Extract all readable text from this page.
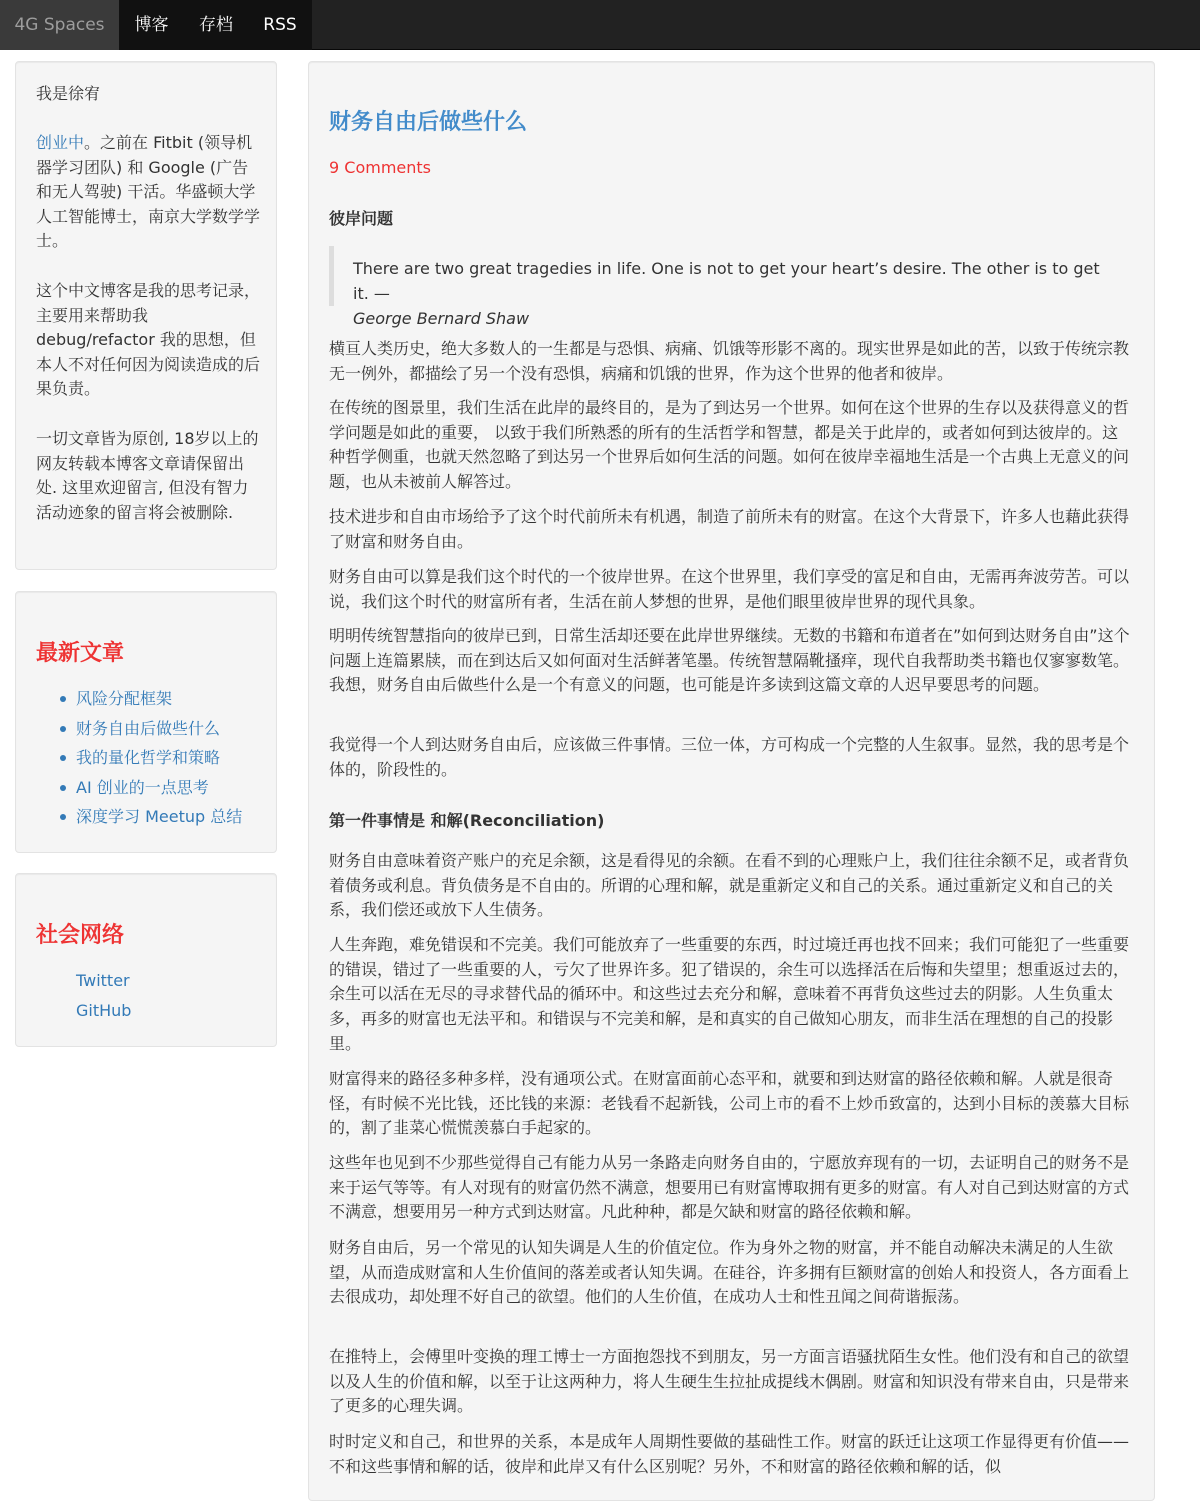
4G Spaces	博客	存档	RSS

我是徐宥

创业中。之前在 Fitbit (领导机器学习团队) 和 Google (广告和无人驾驶) 干活。华盛顿大学人工智能博士，南京大学数学学士。

这个中文博客是我的思考记录，主要用来帮助我 debug/refactor 我的思想，但本人不对任何因为阅读造成的后果负责。

一切文章皆为原创, 18岁以上的网友转载本博客文章请保留出处. 这里欢迎留言, 但没有智力活动迹象的留言将会被删除.

最新文章
风险分配框架
财务自由后做些什么
我的量化哲学和策略
AI 创业的一点思考
深度学习 Meetup 总结
社会网络
Twitter
GitHub
财务自由后做些什么
9 Comments
彼岸问题
There are two great tragedies in life. One is not to get your heart’s desire. The other is to get it. —
George Bernard Shaw

横亘人类历史，绝大多数人的一生都是与恐惧、病痛、饥饿等形影不离的。现实世界是如此的苦，以致于传统宗教无一例外，都描绘了另一个没有恐惧，病痛和饥饿的世界，作为这个世界的他者和彼岸。

在传统的图景里，我们生活在此岸的最终目的，是为了到达另一个世界。如何在这个世界的生存以及获得意义的哲学问题是如此的重要， 以致于我们所熟悉的所有的生活哲学和智慧，都是关于此岸的，或者如何到达彼岸的。这种哲学侧重，也就天然忽略了到达另一个世界后如何生活的问题。如何在彼岸幸福地生活是一个古典上无意义的问题，也从未被前人解答过。

技术进步和自由市场给予了这个时代前所未有机遇，制造了前所未有的财富。在这个大背景下，许多人也藉此获得了财富和财务自由。

财务自由可以算是我们这个时代的一个彼岸世界。在这个世界里，我们享受的富足和自由，无需再奔波劳苦。可以说，我们这个时代的财富所有者，生活在前人梦想的世界，是他们眼里彼岸世界的现代具象。

明明传统智慧指向的彼岸已到，日常生活却还要在此岸世界继续。无数的书籍和布道者在”如何到达财务自由”这个问题上连篇累牍，而在到达后又如何面对生活鲜著笔墨。传统智慧隔靴搔痒，现代自我帮助类书籍也仅寥寥数笔。我想，财务自由后做些什么是一个有意义的问题，也可能是许多读到这篇文章的人迟早要思考的问题。

我觉得一个人到达财务自由后，应该做三件事情。三位一体，方可构成一个完整的人生叙事。显然，我的思考是个体的，阶段性的。

第一件事情是 和解(Reconciliation)

财务自由意味着资产账户的充足余额，这是看得见的余额。在看不到的心理账户上，我们往往余额不足，或者背负着债务或利息。背负债务是不自由的。所谓的心理和解，就是重新定义和自己的关系。通过重新定义和自己的关系，我们偿还或放下人生债务。

人生奔跑，难免错误和不完美。我们可能放弃了一些重要的东西，时过境迁再也找不回来；我们可能犯了一些重要的错误，错过了一些重要的人，亏欠了世界许多。犯了错误的，余生可以选择活在后悔和失望里；想重返过去的，余生可以活在无尽的寻求替代品的循环中。和这些过去充分和解，意味着不再背负这些过去的阴影。人生负重太多，再多的财富也无法平和。和错误与不完美和解，是和真实的自己做知心朋友，而非生活在理想的自己的投影里。

财富得来的路径多种多样，没有通项公式。在财富面前心态平和，就要和到达财富的路径依赖和解。人就是很奇怪，有时候不光比钱，还比钱的来源：老钱看不起新钱，公司上市的看不上炒币致富的，达到小目标的羡慕大目标的，割了韭菜心慌慌羡慕白手起家的。

这些年也见到不少那些觉得自己有能力从另一条路走向财务自由的，宁愿放弃现有的一切，去证明自己的财务不是来于运气等等。有人对现有的财富仍然不满意，想要用已有财富博取拥有更多的财富。有人对自己到达财富的方式不满意，想要用另一种方式到达财富。凡此种种，都是欠缺和财富的路径依赖和解。

财务自由后，另一个常见的认知失调是人生的价值定位。作为身外之物的财富，并不能自动解决未满足的人生欲望，从而造成财富和人生价值间的落差或者认知失调。在硅谷，许多拥有巨额财富的创始人和投资人，各方面看上去很成功，却处理不好自己的欲望。他们的人生价值，在成功人士和性丑闻之间荷谐振荡。

在推特上，会傅里叶变换的理工博士一方面抱怨找不到朋友，另一方面言语骚扰陌生女性。他们没有和自己的欲望以及人生的价值和解，以至于让这两种力，将人生硬生生拉扯成提线木偶剧。财富和知识没有带来自由，只是带来了更多的心理失调。

时时定义和自己，和世界的关系，本是成年人周期性要做的基础性工作。财富的跃迁让这项工作显得更有价值——不和这些事情和解的话，彼岸和此岸又有什么区别呢？另外，不和财富的路径依赖和解的话，似
